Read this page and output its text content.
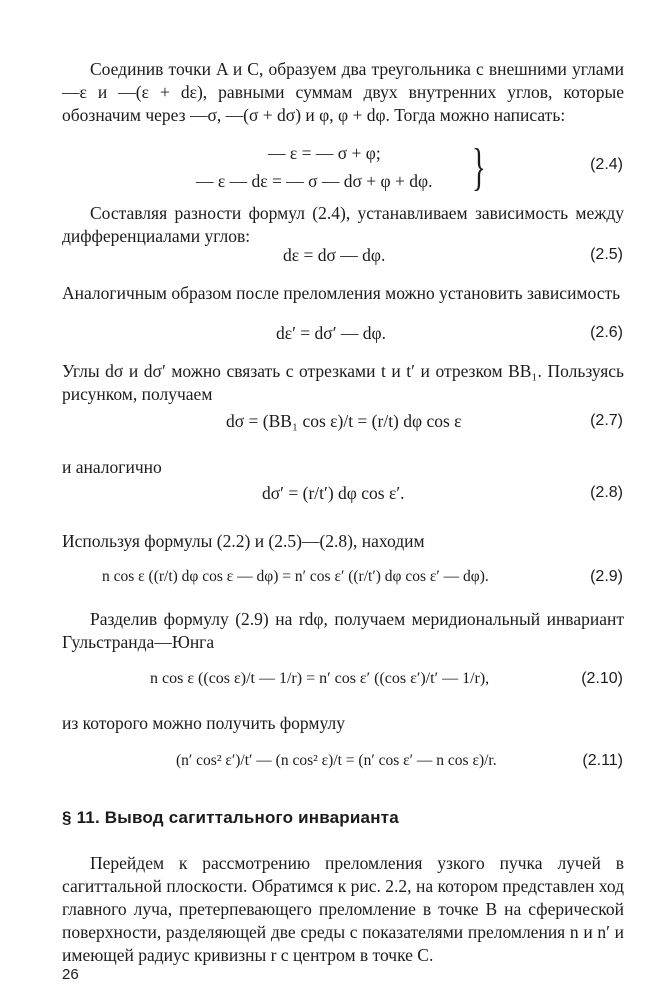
Соединив точки A и C, образуем два треугольника с внешними углами —ε и —(ε + dε), равными суммам двух внутренних углов, которые обозначим через —σ, —(σ + dσ) и φ, φ + dφ. Тогда можно написать:

— ε = — σ + φ;
— ε — dε = — σ — dσ + φ + dφ. }	(2.4)

Составляя разности формул (2.4), устанавливаем зависимость между дифференциалами углов:

dε = dσ — dφ.	(2.5)

Аналогичным образом после преломления можно установить зависимость

dε′ = dσ′ — dφ.	(2.6)

Углы dσ и dσ′ можно связать с отрезками t и t′ и отрезком BB₁. Пользуясь рисунком, получаем

dσ = (BB₁ cos ε)/t = (r/t) dφ cos ε	(2.7)

и аналогично

dσ′ = (r/t′) dφ cos ε′.	(2.8)

Используя формулы (2.2) и (2.5)—(2.8), находим

n cos ε ((r/t) dφ cos ε — dφ) = n′ cos ε′ ((r/t′) dφ cos ε′ — dφ).	(2.9)

Разделив формулу (2.9) на rdφ, получаем меридиональный инвариант Гульстранда—Юнга

n cos ε ((cos ε)/t — 1/r) = n′ cos ε′ ((cos ε′)/t′ — 1/r),	(2.10)

из которого можно получить формулу

(n′ cos² ε′)/t′ — (n cos² ε)/t = (n′ cos ε′ — n cos ε)/r.	(2.11)
§ 11. Вывод сагиттального инварианта

Перейдем к рассмотрению преломления узкого пучка лучей в сагиттальной плоскости. Обратимся к рис. 2.2, на котором представлен ход главного луча, претерпевающего преломление в точке B на сферической поверхности, разделяющей две среды с показателями преломления n и n′ и имеющей радиус кривизны r с центром в точке C.

26
